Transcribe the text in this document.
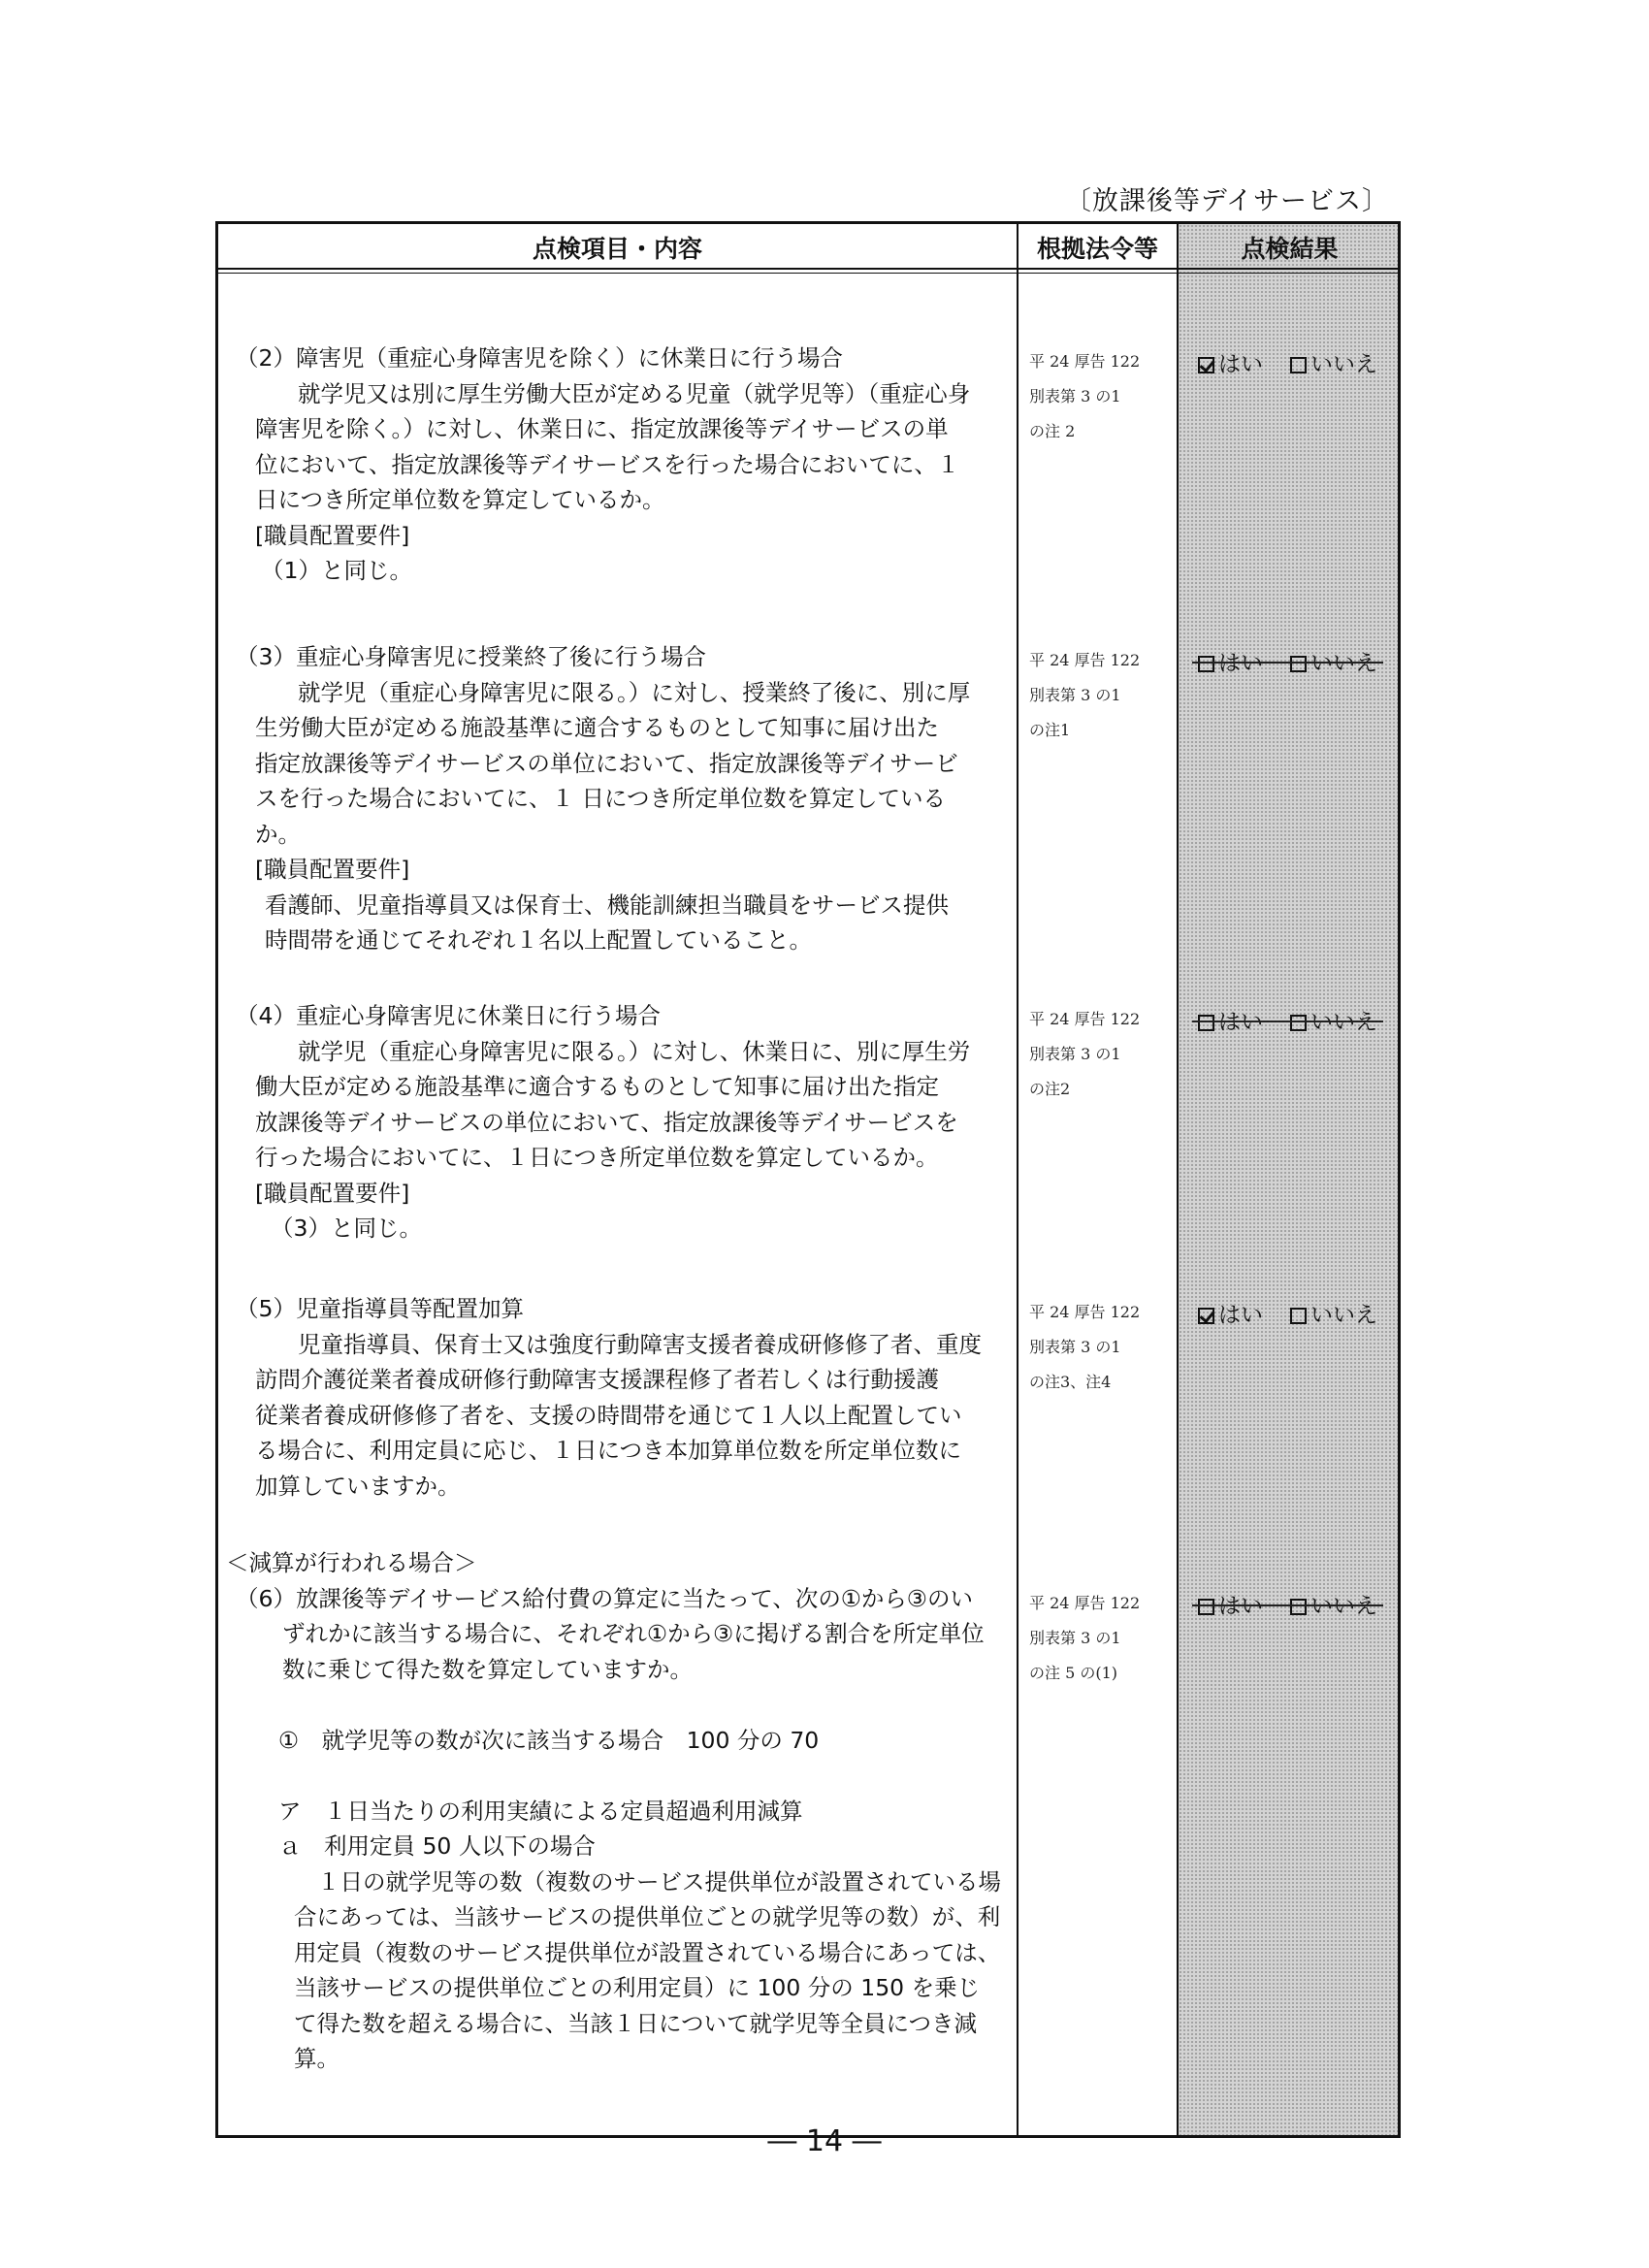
〔放課後等デイサービス〕
点検項目・内容	根拠法令等	点検結果
（2）障害児（重症心身障害児を除く）に休業日に行う場合
就学児又は別に厚生労働大臣が定める児童（就学児等）（重症心身
障害児を除く。）に対し、休業日に、指定放課後等デイサービスの単
位において、指定放課後等デイサービスを行った場合においてに、１
日につき所定単位数を算定しているか。
[職員配置要件]
（1）と同じ。
平 24 厚告 122
別表第 3 の1
の注 2
はい いいえ
（3）重症心身障害児に授業終了後に行う場合
就学児（重症心身障害児に限る。）に対し、授業終了後に、別に厚
生労働大臣が定める施設基準に適合するものとして知事に届け出た
指定放課後等デイサービスの単位において、指定放課後等デイサービ
スを行った場合においてに、１ 日につき所定単位数を算定している
か。
[職員配置要件]
看護師、児童指導員又は保育士、機能訓練担当職員をサービス提供
時間帯を通じてそれぞれ１名以上配置していること。
平 24 厚告 122
別表第 3 の1
の注1
はい いいえ
（4）重症心身障害児に休業日に行う場合
就学児（重症心身障害児に限る。）に対し、休業日に、別に厚生労
働大臣が定める施設基準に適合するものとして知事に届け出た指定
放課後等デイサービスの単位において、指定放課後等デイサービスを
行った場合においてに、１日につき所定単位数を算定しているか。
[職員配置要件]
（3）と同じ。
平 24 厚告 122
別表第 3 の1
の注2
はい いいえ
（5）児童指導員等配置加算
児童指導員、保育士又は強度行動障害支援者養成研修修了者、重度
訪問介護従業者養成研修行動障害支援課程修了者若しくは行動援護
従業者養成研修修了者を、支援の時間帯を通じて１人以上配置してい
る場合に、利用定員に応じ、１日につき本加算単位数を所定単位数に
加算していますか。
平 24 厚告 122
別表第 3 の1
の注3、注4
はい いいえ
＜減算が行われる場合＞
（6）放課後等デイサービス給付費の算定に当たって、次の①から③のい
ずれかに該当する場合に、それぞれ①から③に掲げる割合を所定単位
数に乗じて得た数を算定していますか。

①　就学児等の数が次に該当する場合　100 分の 70

ア　１日当たりの利用実績による定員超過利用減算
ａ　利用定員 50 人以下の場合
１日の就学児等の数（複数のサービス提供単位が設置されている場
合にあっては、当該サービスの提供単位ごとの就学児等の数）が、利
用定員（複数のサービス提供単位が設置されている場合にあっては、
当該サービスの提供単位ごとの利用定員）に 100 分の 150 を乗じ
て得た数を超える場合に、当該１日について就学児等全員につき減
算。
平 24 厚告 122
別表第 3 の1
の注 5 の(1)
はい いいえ
― 14 ―
